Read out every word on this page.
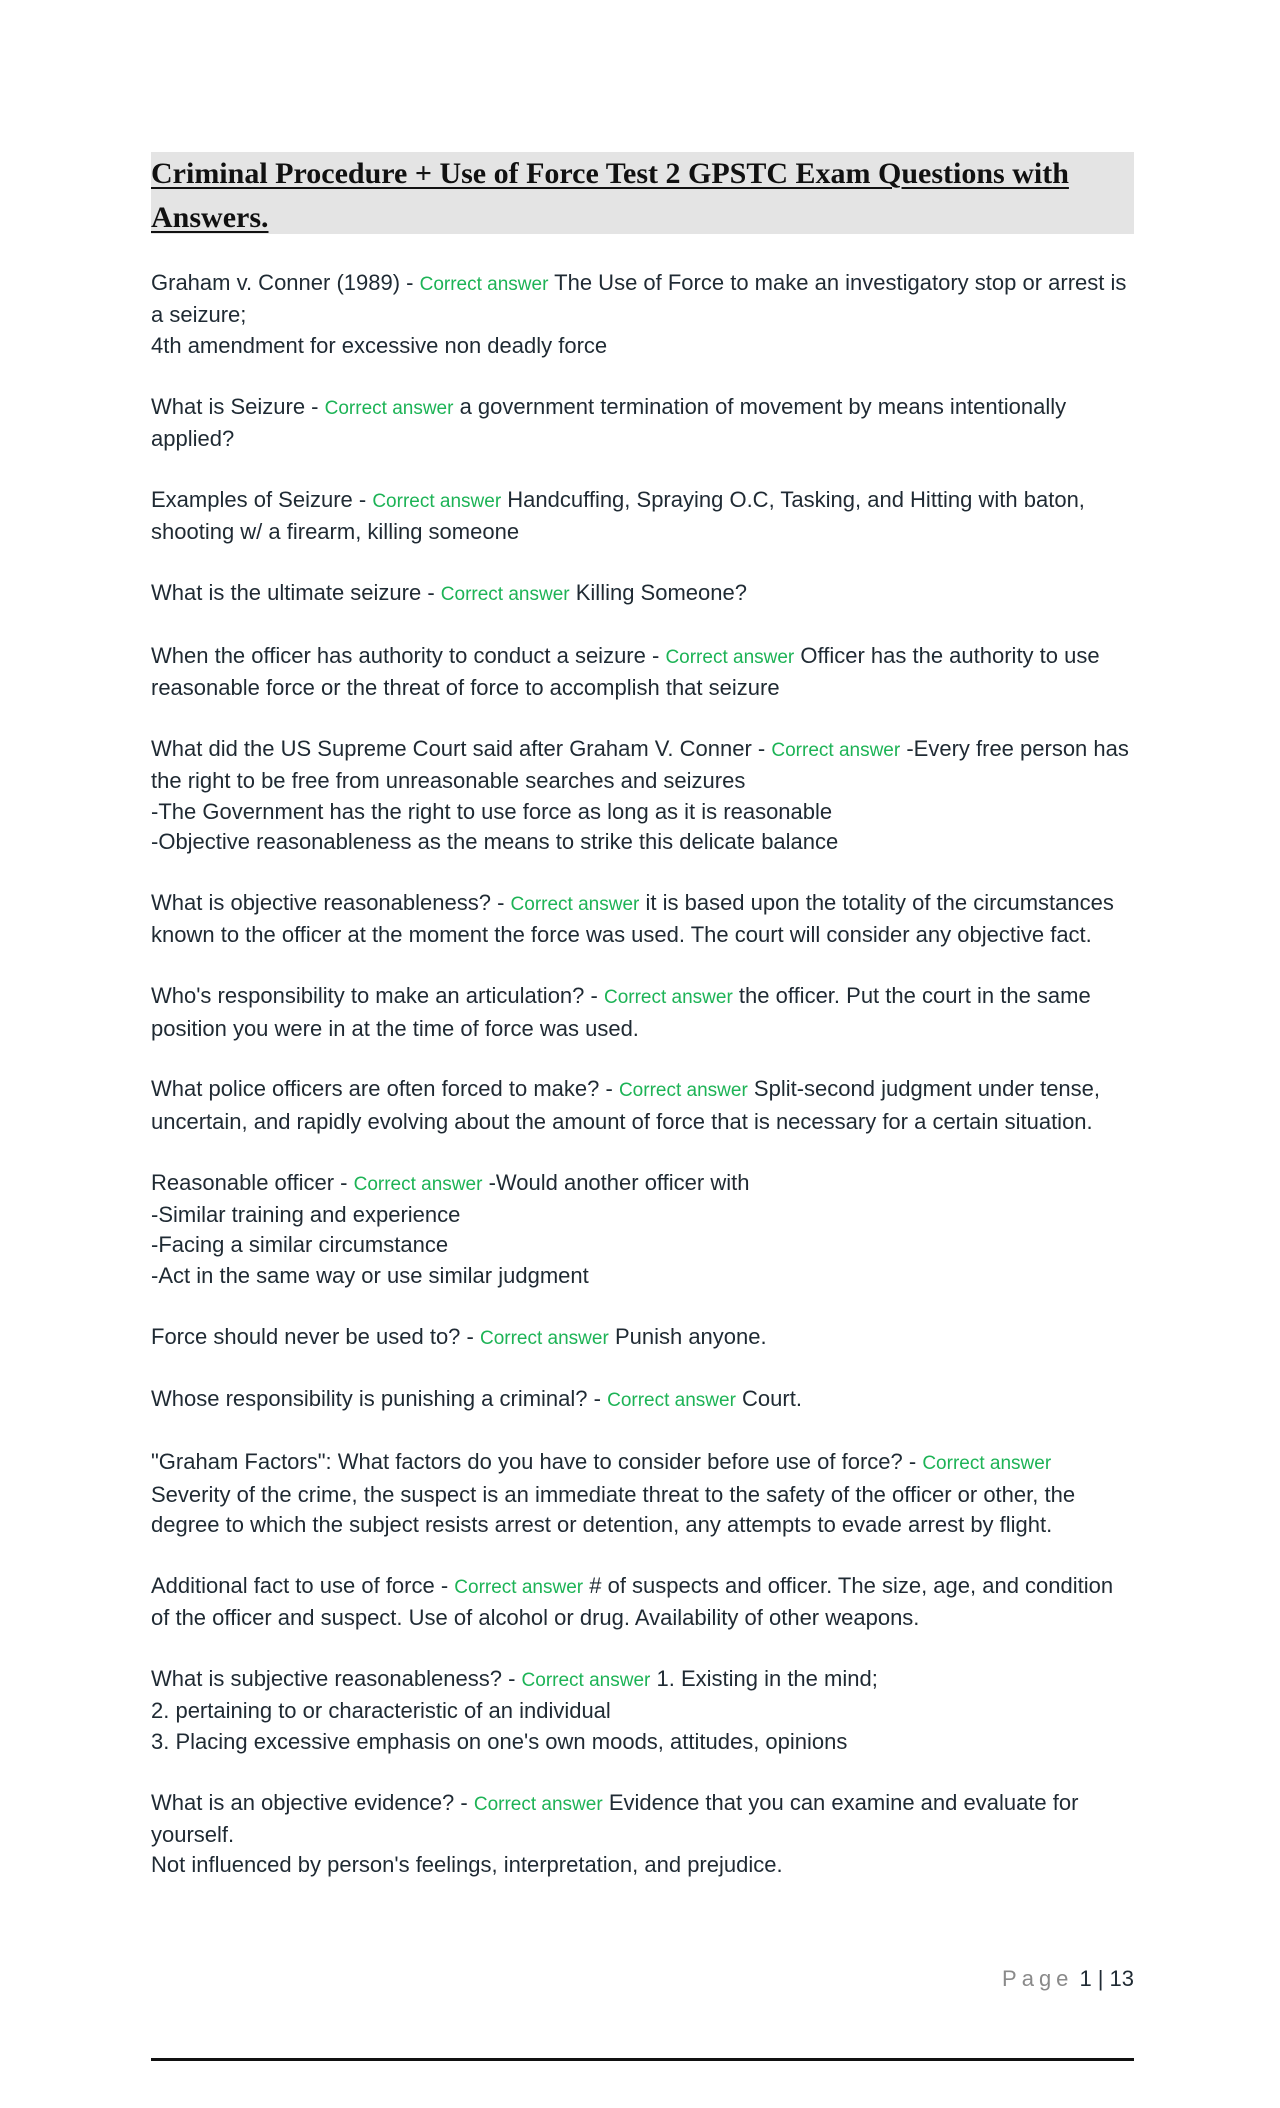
Criminal Procedure + Use of Force Test 2 GPSTC Exam Questions with Answers.

Graham v. Conner (1989) - Correct answer The Use of Force to make an investigatory stop or arrest is a seizure;
4th amendment for excessive non deadly force

What is Seizure - Correct answer a government termination of movement by means intentionally applied?

Examples of Seizure - Correct answer Handcuffing, Spraying O.C, Tasking, and Hitting with baton, shooting w/ a firearm, killing someone

What is the ultimate seizure - Correct answer Killing Someone?

When the officer has authority to conduct a seizure - Correct answer Officer has the authority to use reasonable force or the threat of force to accomplish that seizure

What did the US Supreme Court said after Graham V. Conner - Correct answer -Every free person has the right to be free from unreasonable searches and seizures
-The Government has the right to use force as long as it is reasonable
-Objective reasonableness as the means to strike this delicate balance

What is objective reasonableness? - Correct answer it is based upon the totality of the circumstances known to the officer at the moment the force was used. The court will consider any objective fact.

Who's responsibility to make an articulation? - Correct answer the officer. Put the court in the same position you were in at the time of force was used.

What police officers are often forced to make? - Correct answer Split-second judgment under tense, uncertain, and rapidly evolving about the amount of force that is necessary for a certain situation.

Reasonable officer - Correct answer -Would another officer with
-Similar training and experience
-Facing a similar circumstance
-Act in the same way or use similar judgment

Force should never be used to? - Correct answer Punish anyone.

Whose responsibility is punishing a criminal? - Correct answer Court.

"Graham Factors": What factors do you have to consider before use of force? - Correct answer Severity of the crime, the suspect is an immediate threat to the safety of the officer or other, the degree to which the subject resists arrest or detention, any attempts to evade arrest by flight.

Additional fact to use of force - Correct answer # of suspects and officer. The size, age, and condition of the officer and suspect. Use of alcohol or drug. Availability of other weapons.

What is subjective reasonableness? - Correct answer 1. Existing in the mind;
2. pertaining to or characteristic of an individual
3. Placing excessive emphasis on one's own moods, attitudes, opinions

What is an objective evidence? - Correct answer Evidence that you can examine and evaluate for yourself.
Not influenced by person's feelings, interpretation, and prejudice.

Page 1 | 13
